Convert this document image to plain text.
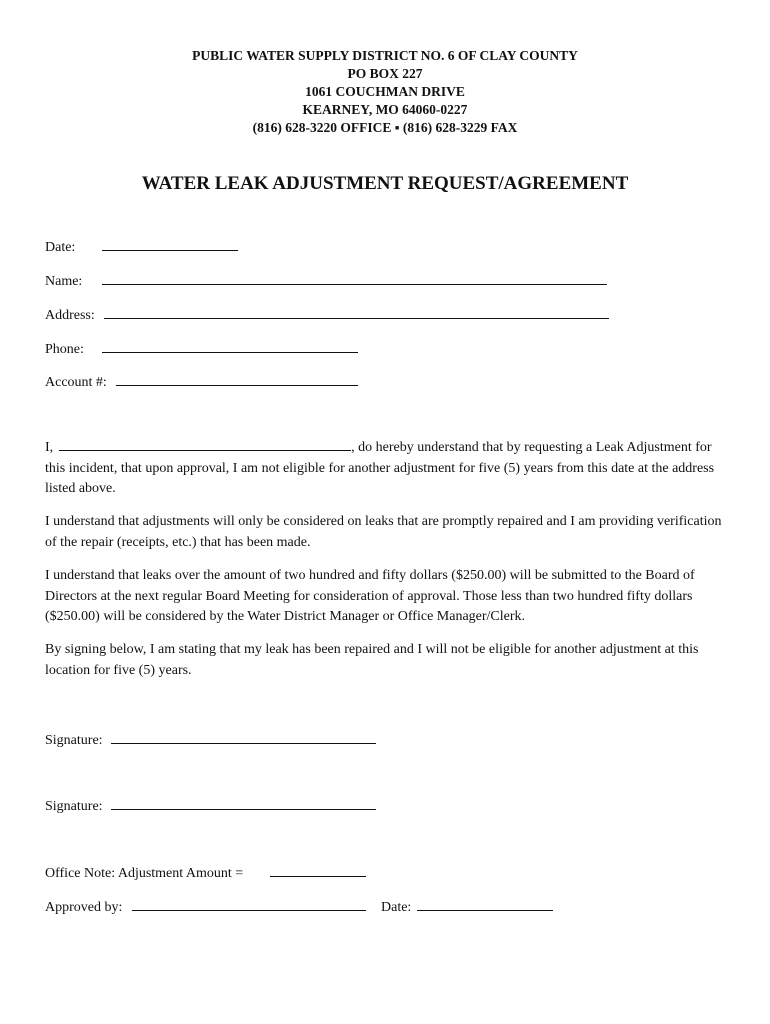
PUBLIC WATER SUPPLY DISTRICT NO. 6 OF CLAY COUNTY
PO BOX 227
1061 COUCHMAN DRIVE
KEARNEY, MO 64060-0227
(816) 628-3220 OFFICE ▪ (816) 628-3229 FAX
WATER LEAK ADJUSTMENT REQUEST/AGREEMENT
Date:
Name:
Address:
Phone:
Account #:
I,	, do hereby understand that by requesting a Leak Adjustment for this incident, that upon approval, I am not eligible for another adjustment for five (5) years from this date at the address listed above.
I understand that adjustments will only be considered on leaks that are promptly repaired and I am providing verification of the repair (receipts, etc.) that has been made.
I understand that leaks over the amount of two hundred and fifty dollars ($250.00) will be submitted to the Board of Directors at the next regular Board Meeting for consideration of approval. Those less than two hundred fifty dollars ($250.00) will be considered by the Water District Manager or Office Manager/Clerk.
By signing below, I am stating that my leak has been repaired and I will not be eligible for another adjustment at this location for five (5) years.
Signature:
Signature:
Office Note: Adjustment Amount =
Approved by:	Date:
